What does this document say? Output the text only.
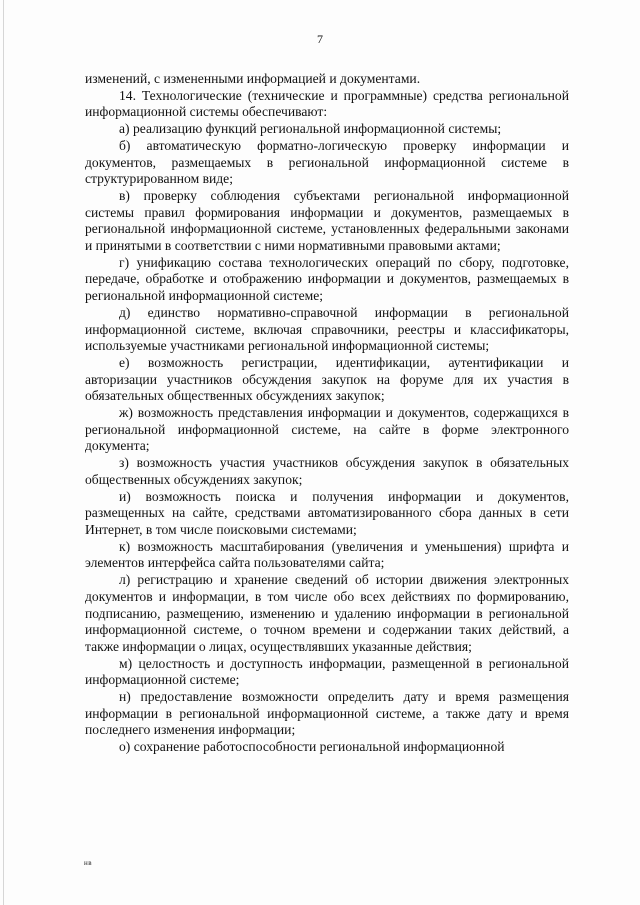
7

изменений, с измененными информацией и документами.

14. Технологические (технические и программные) средства региональной информационной системы обеспечивают:

а) реализацию функций региональной информационной системы;

б) автоматическую форматно-логическую проверку информации и документов, размещаемых в региональной информационной системе в структурированном виде;

в) проверку соблюдения субъектами региональной информационной системы правил формирования информации и документов, размещаемых в региональной информационной системе, установленных федеральными законами и принятыми в соответствии с ними нормативными правовыми актами;

г) унификацию состава технологических операций по сбору, подготовке, передаче, обработке и отображению информации и документов, размещаемых в региональной информационной системе;

д) единство нормативно-справочной информации в региональной информационной системе, включая справочники, реестры и классификаторы, используемые участниками региональной информационной системы;

е) возможность регистрации, идентификации, аутентификации и авторизации участников обсуждения закупок на форуме для их участия в обязательных общественных обсуждениях закупок;

ж) возможность представления информации и документов, содержащихся в региональной информационной системе, на сайте в форме электронного документа;

з) возможность участия участников обсуждения закупок в обязательных общественных обсуждениях закупок;

и) возможность поиска и получения информации и документов, размещенных на сайте, средствами автоматизированного сбора данных в сети Интернет, в том числе поисковыми системами;

к) возможность масштабирования (увеличения и уменьшения) шрифта и элементов интерфейса сайта пользователями сайта;

л) регистрацию и хранение сведений об истории движения электронных документов и информации, в том числе обо всех действиях по формированию, подписанию, размещению, изменению и удалению информации в региональной информационной системе, о точном времени и содержании таких действий, а также информации о лицах, осуществлявших указанные действия;

м) целостность и доступность информации, размещенной в региональной информационной системе;

н) предоставление возможности определить дату и время размещения информации в региональной информационной системе, а также дату и время последнего изменения информации;

о) сохранение работоспособности региональной информационной

нв
